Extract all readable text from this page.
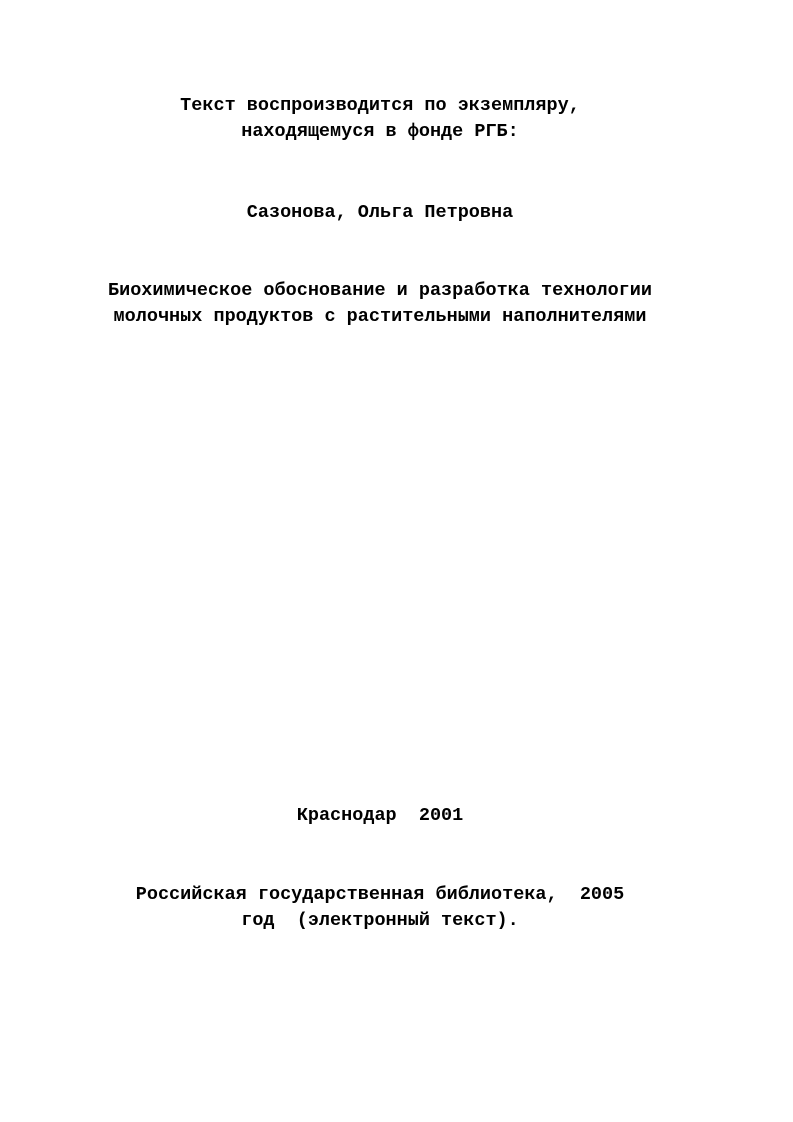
Текст воспроизводится по экземпляру,
находящемуся в фонде РГБ:
Сазонова, Ольга Петровна
Биохимическое обоснование и разработка технологии
молочных продуктов с растительными наполнителями
Краснодар  2001
Российская государственная библиотека,  2005
год  (электронный текст).
